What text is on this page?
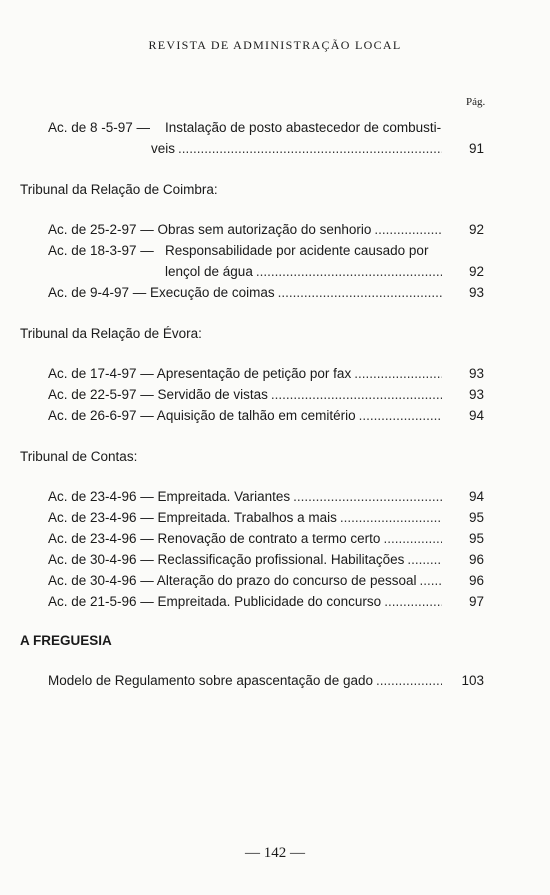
REVISTA DE ADMINISTRAÇÃO LOCAL
Pág.
Ac. de 8 -5-97 — Instalação de posto abastecedor de combusti-
veis .....	91
Tribunal da Relação de Coimbra:
Ac. de 25-2-97 — Obras sem autorização do senhorio .....	92
Ac. de 18-3-97 — Responsabilidade por acidente causado por
lençol de água .....	92
Ac. de 9-4-97 — Execução de coimas .....	93
Tribunal da Relação de Évora:
Ac. de 17-4-97 — Apresentação de petição por fax .....	93
Ac. de 22-5-97 — Servidão de vistas .....	93
Ac. de 26-6-97 — Aquisição de talhão em cemitério .....	94
Tribunal de Contas:
Ac. de 23-4-96 — Empreitada. Variantes .....	94
Ac. de 23-4-96 — Empreitada. Trabalhos a mais .....	95
Ac. de 23-4-96 — Renovação de contrato a termo certo .....	95
Ac. de 30-4-96 — Reclassificação profissional. Habilitações .....	96
Ac. de 30-4-96 — Alteração do prazo do concurso de pessoal .....	96
Ac. de 21-5-96 — Empreitada. Publicidade do concurso .....	97
A FREGUESIA
Modelo de Regulamento sobre apascentação de gado .....	103
— 142 —
